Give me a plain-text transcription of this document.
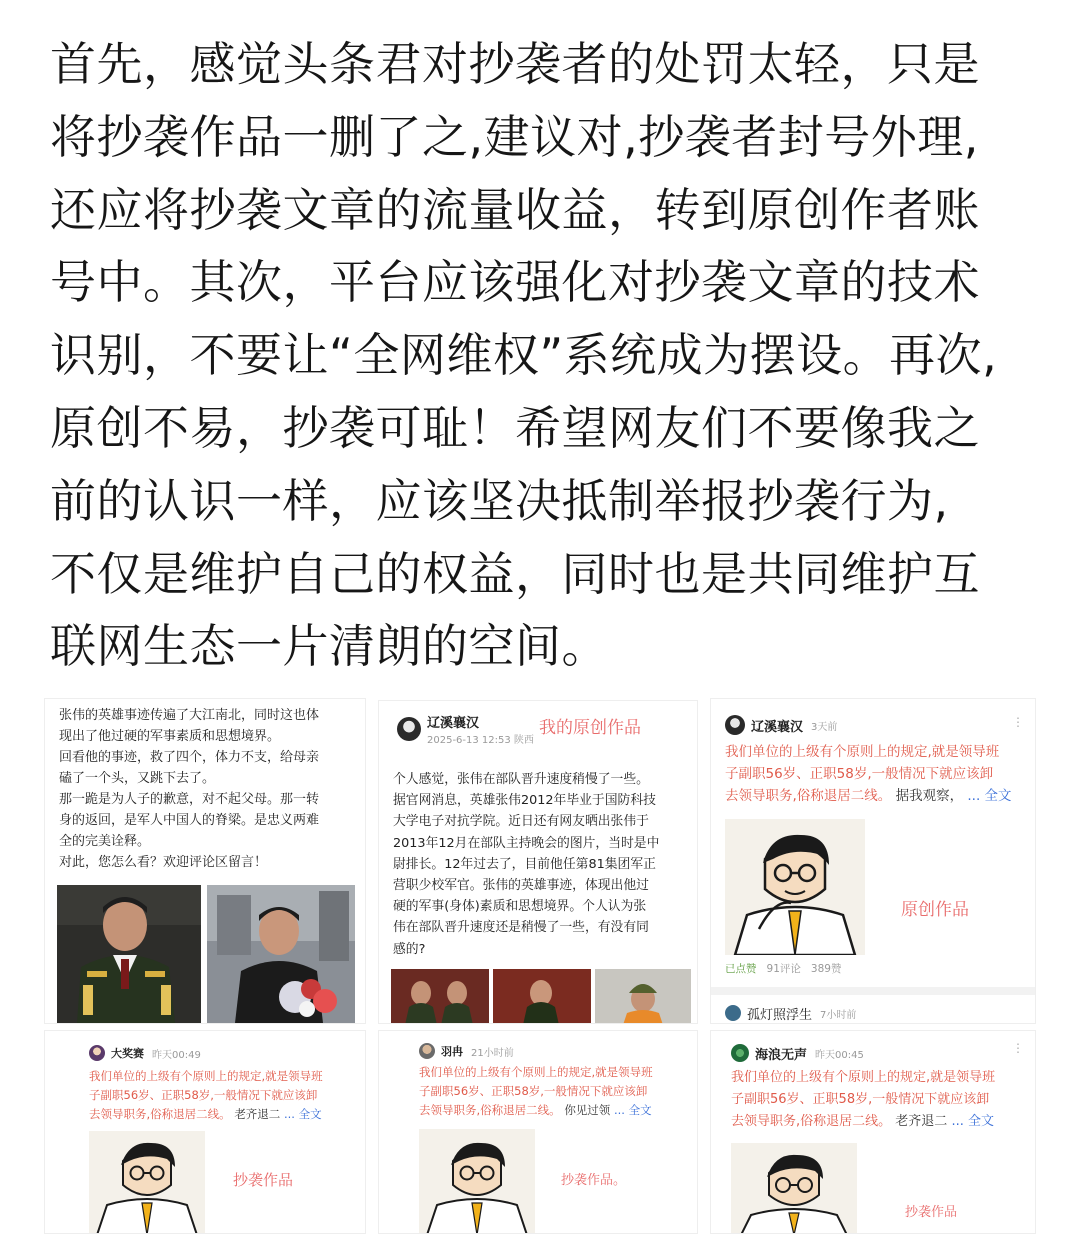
首先，感觉头条君对抄袭者的处罚太轻，只是
将抄袭作品一删了之,建议对,抄袭者封号外理,
还应将抄袭文章的流量收益，转到原创作者账
号中。其次，平台应该强化对抄袭文章的技术
识别，不要让“全网维权”系统成为摆设。再次,
原创不易，抄袭可耻！希望网友们不要像我之
前的认识一样，应该坚决抵制举报抄袭行为,
不仅是维护自己的权益，同时也是共同维护互
联网生态一片清朗的空间。
张伟的英雄事迹传遍了大江南北，同时这也体
现出了他过硬的军事素质和思想境界。
回看他的事迹，救了四个，体力不支，给母亲
磕了一个头，又跳下去了。
那一跪是为人子的歉意，对不起父母。那一转
身的返回，是军人中国人的脊梁。是忠义两难
全的完美诠释。
对此，您怎么看？欢迎评论区留言！
辽溪襄汉
2025-6-13 12:53 陕西
我的原创作品
个人感觉，张伟在部队晋升速度稍慢了一些。
据官网消息，英雄张伟2012年毕业于国防科技
大学电子对抗学院。近日还有网友晒出张伟于
2013年12月在部队主持晚会的图片，当时是中
尉排长。12年过去了，目前他任第81集团军正
营职少校军官。张伟的英雄事迹，体现出他过
硬的军事(身体)素质和思想境界。个人认为张
伟在部队晋升速度还是稍慢了一些，有没有同
感的?
辽溪襄汉 3天前	⋮
我们单位的上级有个原则上的规定,就是领导班
子副职56岁、正职58岁,一般情况下就应该卸
去领导职务,俗称退居二线。 据我观察， ... 全文
原创作品
已点赞 91评论 389赞
孤灯照浮生 7小时前
大奖赛 昨天00:49
我们单位的上级有个原则上的规定,就是领导班
子副职56岁、正职58岁,一般情况下就应该卸
去领导职务,俗称退居二线。 老齐退二 ... 全文
抄袭作品
羽冉 21小时前
我们单位的上级有个原则上的规定,就是领导班
子副职56岁、正职58岁,一般情况下就应该卸
去领导职务,俗称退居二线。 你见过领 ... 全文
抄袭作品。
海浪无声 昨天00:45	⋮
我们单位的上级有个原则上的规定,就是领导班
子副职56岁、正职58岁,一般情况下就应该卸
去领导职务,俗称退居二线。 老齐退二 ... 全文
抄袭作品
